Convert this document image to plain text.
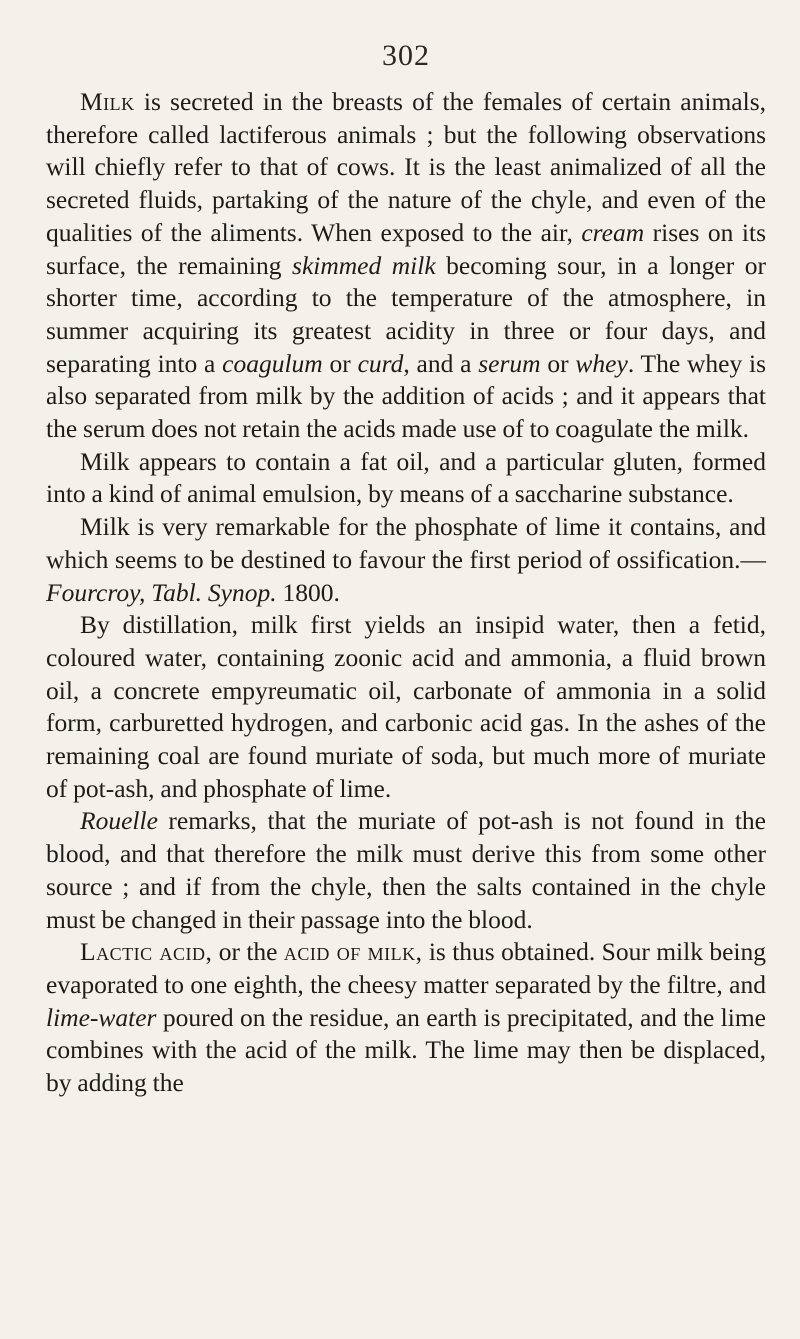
302

Milk is secreted in the breasts of the females of certain animals, therefore called lactiferous animals ; but the following observations will chiefly refer to that of cows. It is the least animalized of all the secreted fluids, partaking of the nature of the chyle, and even of the qualities of the aliments. When exposed to the air, cream rises on its surface, the remaining skimmed milk becoming sour, in a longer or shorter time, according to the temperature of the atmosphere, in summer acquiring its greatest acidity in three or four days, and separating into a coagulum or curd, and a serum or whey. The whey is also separated from milk by the addition of acids ; and it appears that the serum does not retain the acids made use of to coagulate the milk.

Milk appears to contain a fat oil, and a particular gluten, formed into a kind of animal emulsion, by means of a saccharine substance.

Milk is very remarkable for the phosphate of lime it contains, and which seems to be destined to favour the first period of ossification.—Fourcroy, Tabl. Synop. 1800.

By distillation, milk first yields an insipid water, then a fetid, coloured water, containing zoonic acid and ammonia, a fluid brown oil, a concrete empyreumatic oil, carbonate of ammonia in a solid form, carburetted hydrogen, and carbonic acid gas. In the ashes of the remaining coal are found muriate of soda, but much more of muriate of pot-ash, and phosphate of lime.

Rouelle remarks, that the muriate of pot-ash is not found in the blood, and that therefore the milk must derive this from some other source ; and if from the chyle, then the salts contained in the chyle must be changed in their passage into the blood.

Lactic acid, or the acid of milk, is thus obtained. Sour milk being evaporated to one eighth, the cheesy matter separated by the filtre, and lime-water poured on the residue, an earth is precipitated, and the lime combines with the acid of the milk. The lime may then be displaced, by adding the
